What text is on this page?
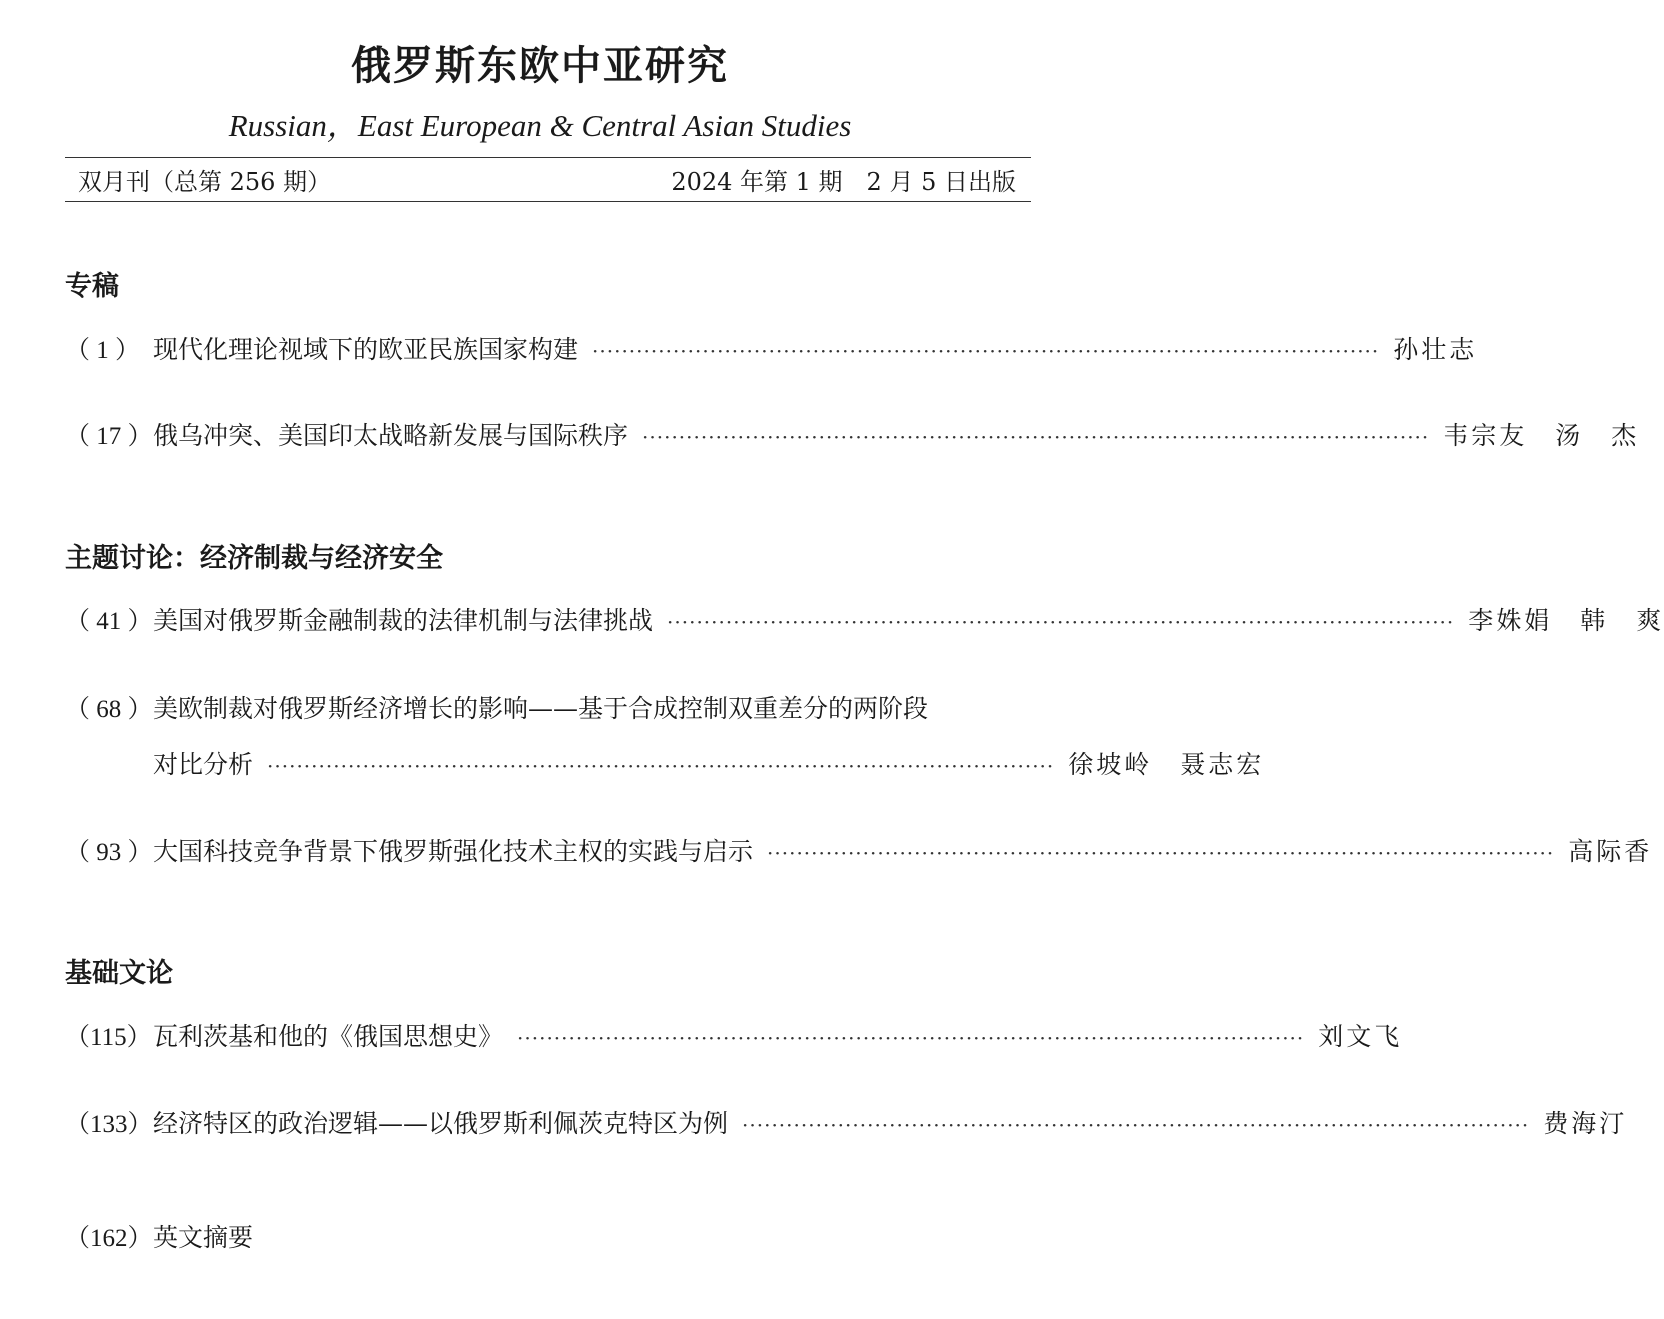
俄罗斯东欧中亚研究
Russian，East European & Central Asian Studies
双月刊（总第 256 期）	2024 年第 1 期　2 月 5 日出版
专稿
（ 1 ） 现代化理论视域下的欧亚民族国家构建 ··········································································································· 孙壮志
（ 17 ） 俄乌冲突、美国印太战略新发展与国际秩序 ··········································································································· 韦宗友　汤　杰
主题讨论：经济制裁与经济安全
（ 41 ） 美国对俄罗斯金融制裁的法律机制与法律挑战 ··········································································································· 李姝娟　韩　爽
（ 68 ） 美欧制裁对俄罗斯经济增长的影响——基于合成控制双重差分的两阶段
对比分析 ··········································································································· 徐坡岭　聂志宏
（ 93 ） 大国科技竞争背景下俄罗斯强化技术主权的实践与启示 ··········································································································· 高际香
基础文论
（115） 瓦利茨基和他的《俄国思想史》 ··········································································································· 刘文飞
（133） 经济特区的政治逻辑——以俄罗斯利佩茨克特区为例 ··········································································································· 费海汀
（162） 英文摘要
